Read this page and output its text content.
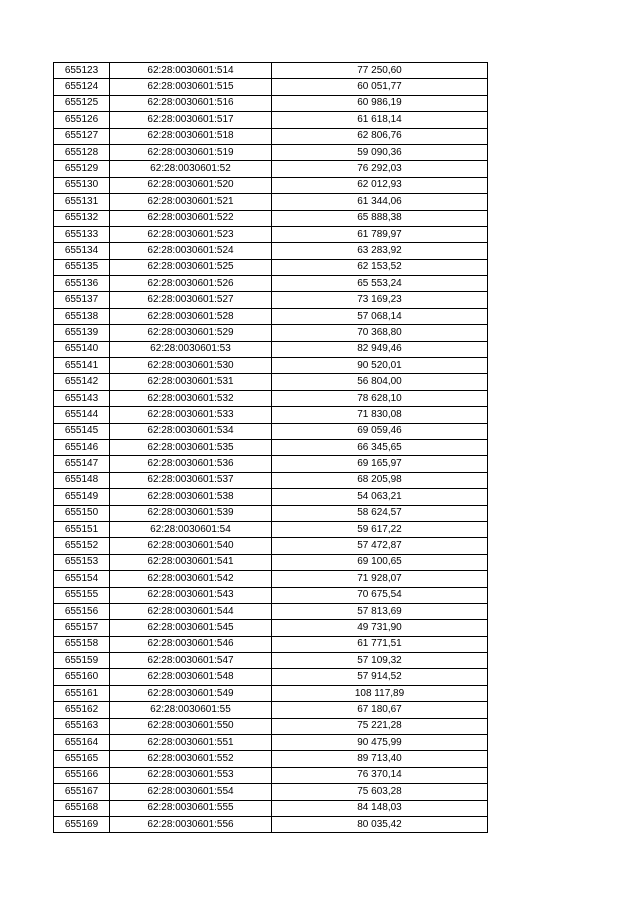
655123	62:28:0030601:514	77 250,60
655124	62:28:0030601:515	60 051,77
655125	62:28:0030601:516	60 986,19
655126	62:28:0030601:517	61 618,14
655127	62:28:0030601:518	62 806,76
655128	62:28:0030601:519	59 090,36
655129	62:28:0030601:52	76 292,03
655130	62:28:0030601:520	62 012,93
655131	62:28:0030601:521	61 344,06
655132	62:28:0030601:522	65 888,38
655133	62:28:0030601:523	61 789,97
655134	62:28:0030601:524	63 283,92
655135	62:28:0030601:525	62 153,52
655136	62:28:0030601:526	65 553,24
655137	62:28:0030601:527	73 169,23
655138	62:28:0030601:528	57 068,14
655139	62:28:0030601:529	70 368,80
655140	62:28:0030601:53	82 949,46
655141	62:28:0030601:530	90 520,01
655142	62:28:0030601:531	56 804,00
655143	62:28:0030601:532	78 628,10
655144	62:28:0030601:533	71 830,08
655145	62:28:0030601:534	69 059,46
655146	62:28:0030601:535	66 345,65
655147	62:28:0030601:536	69 165,97
655148	62:28:0030601:537	68 205,98
655149	62:28:0030601:538	54 063,21
655150	62:28:0030601:539	58 624,57
655151	62:28:0030601:54	59 617,22
655152	62:28:0030601:540	57 472,87
655153	62:28:0030601:541	69 100,65
655154	62:28:0030601:542	71 928,07
655155	62:28:0030601:543	70 675,54
655156	62:28:0030601:544	57 813,69
655157	62:28:0030601:545	49 731,90
655158	62:28:0030601:546	61 771,51
655159	62:28:0030601:547	57 109,32
655160	62:28:0030601:548	57 914,52
655161	62:28:0030601:549	108 117,89
655162	62:28:0030601:55	67 180,67
655163	62:28:0030601:550	75 221,28
655164	62:28:0030601:551	90 475,99
655165	62:28:0030601:552	89 713,40
655166	62:28:0030601:553	76 370,14
655167	62:28:0030601:554	75 603,28
655168	62:28:0030601:555	84 148,03
655169	62:28:0030601:556	80 035,42
